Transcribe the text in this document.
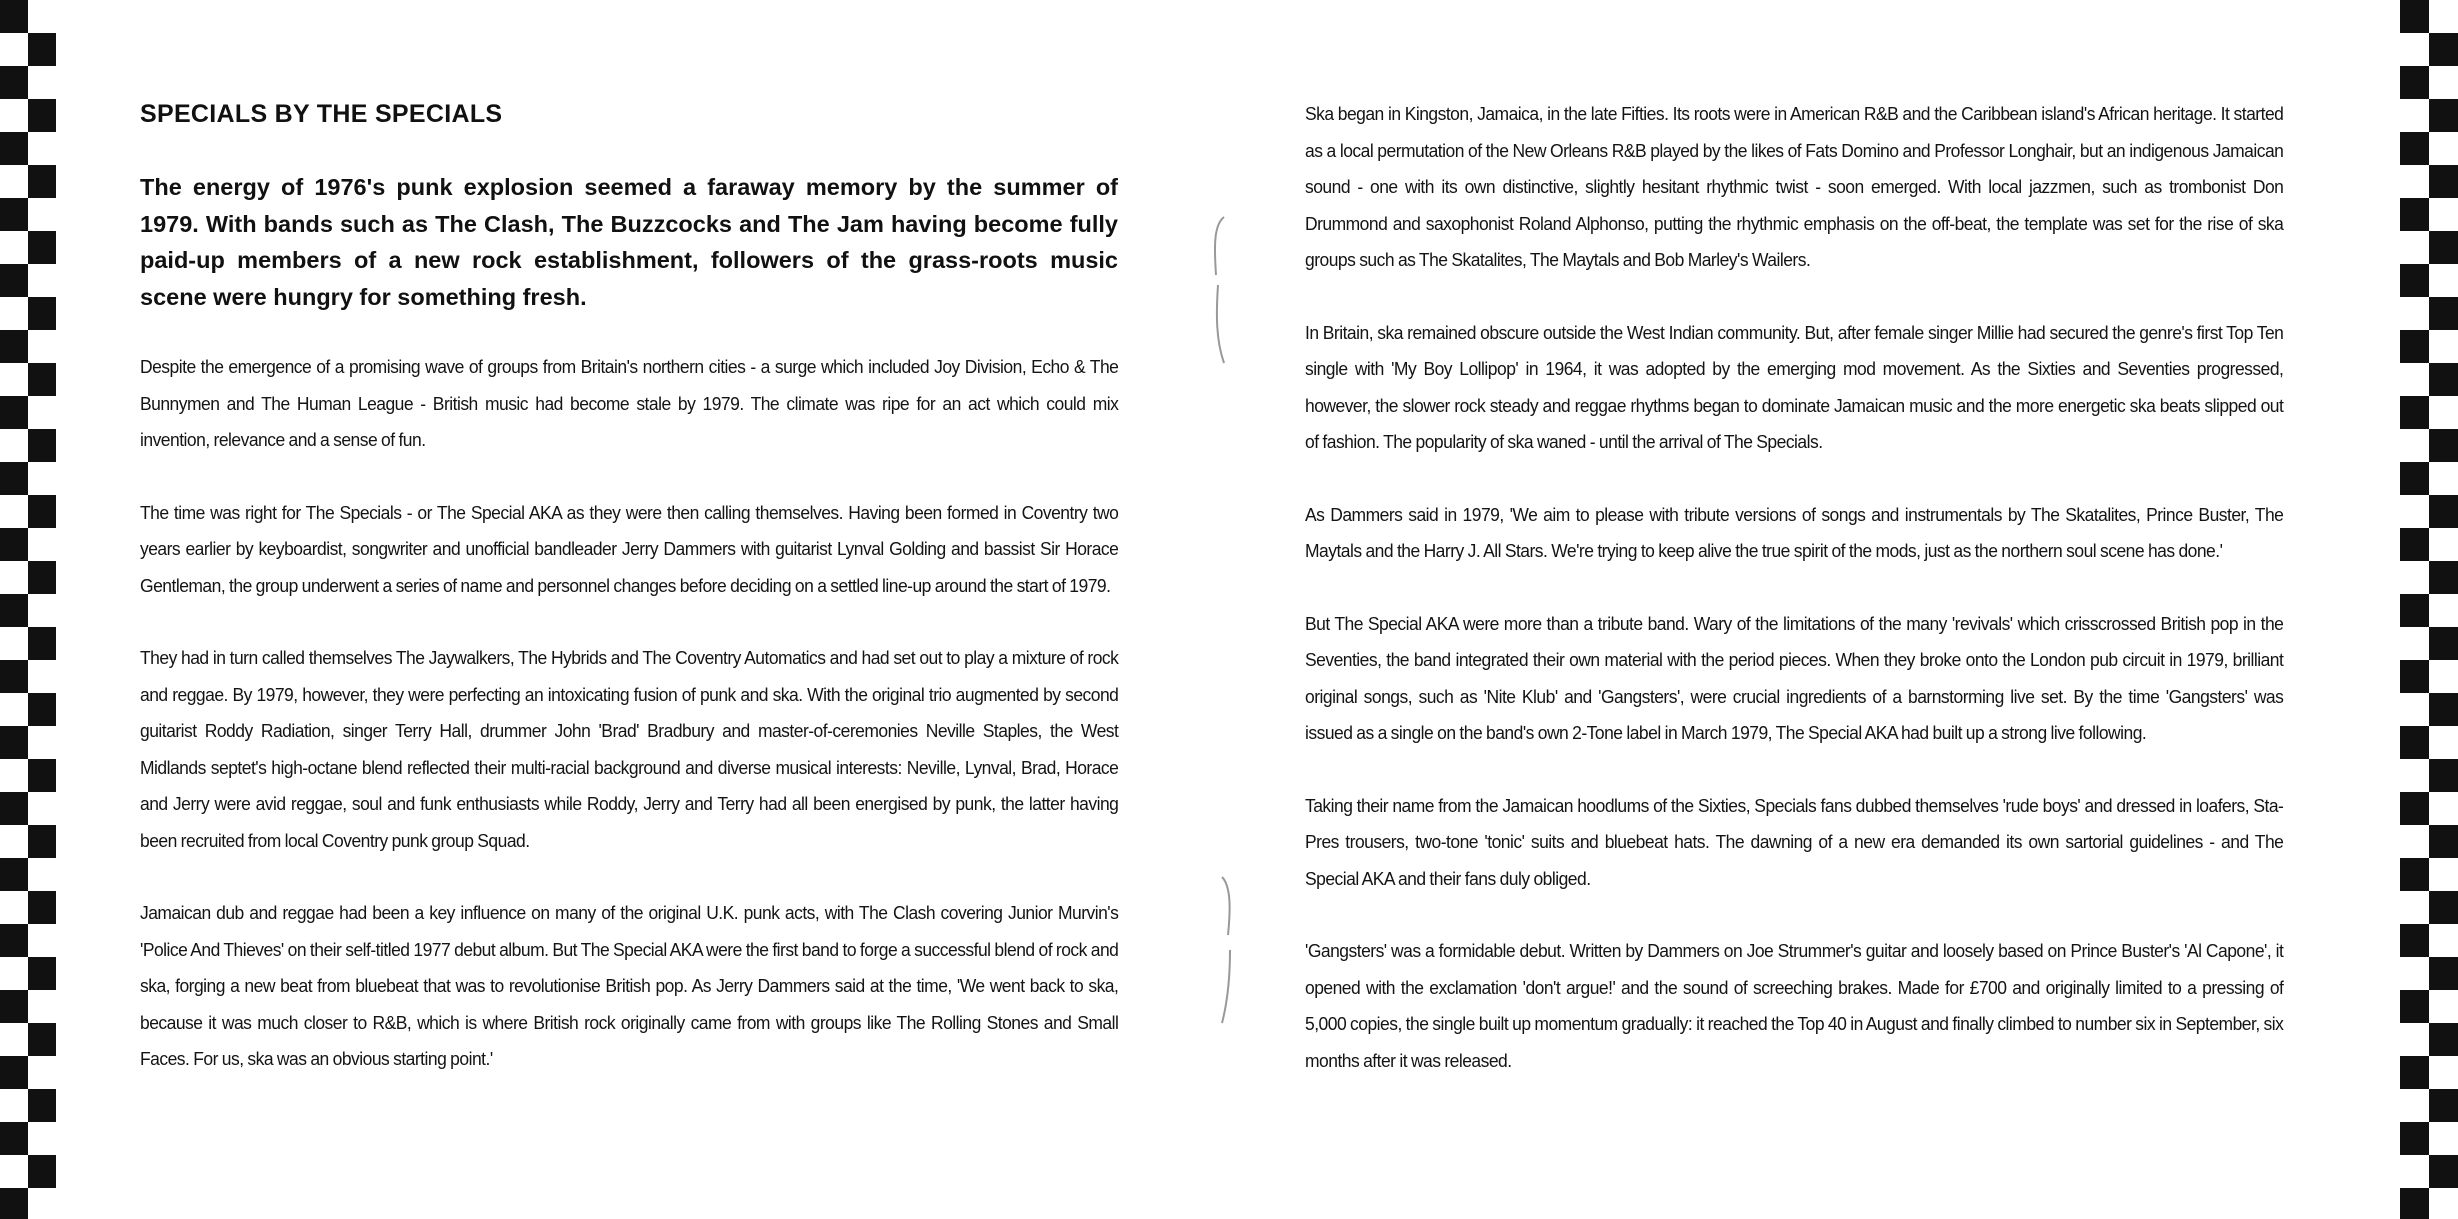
SPECIALS BY THE SPECIALS

The energy of 1976's punk explosion seemed a faraway memory by the summer of 1979. With bands such as The Clash, The Buzzcocks and The Jam having become fully paid-up members of a new rock establishment, followers of the grass-roots music scene were hungry for something fresh.

Despite the emergence of a promising wave of groups from Britain's northern cities - a surge which included Joy Division, Echo & The Bunnymen and The Human League - British music had become stale by 1979. The climate was ripe for an act which could mix invention, relevance and a sense of fun.

The time was right for The Specials - or The Special AKA as they were then calling themselves. Having been formed in Coventry two years earlier by keyboardist, songwriter and unofficial bandleader Jerry Dammers with guitarist Lynval Golding and bassist Sir Horace Gentleman, the group underwent a series of name and personnel changes before deciding on a settled line-up around the start of 1979.

They had in turn called themselves The Jaywalkers, The Hybrids and The Coventry Automatics and had set out to play a mixture of rock and reggae. By 1979, however, they were perfecting an intoxicating fusion of punk and ska. With the original trio augmented by second guitarist Roddy Radiation, singer Terry Hall, drummer John 'Brad' Bradbury and master-of-ceremonies Neville Staples, the West Midlands septet's high-octane blend reflected their multi-racial background and diverse musical interests: Neville, Lynval, Brad, Horace and Jerry were avid reggae, soul and funk enthusiasts while Roddy, Jerry and Terry had all been energised by punk, the latter having been recruited from local Coventry punk group Squad.

Jamaican dub and reggae had been a key influence on many of the original U.K. punk acts, with The Clash covering Junior Murvin's 'Police And Thieves' on their self-titled 1977 debut album. But The Special AKA were the first band to forge a successful blend of rock and ska, forging a new beat from bluebeat that was to revolutionise British pop. As Jerry Dammers said at the time, 'We went back to ska, because it was much closer to R&B, which is where British rock originally came from with groups like The Rolling Stones and Small Faces. For us, ska was an obvious starting point.'

Ska began in Kingston, Jamaica, in the late Fifties. Its roots were in American R&B and the Caribbean island's African heritage. It started as a local permutation of the New Orleans R&B played by the likes of Fats Domino and Professor Longhair, but an indigenous Jamaican sound - one with its own distinctive, slightly hesitant rhythmic twist - soon emerged. With local jazzmen, such as trombonist Don Drummond and saxophonist Roland Alphonso, putting the rhythmic emphasis on the off-beat, the template was set for the rise of ska groups such as The Skatalites, The Maytals and Bob Marley's Wailers.

In Britain, ska remained obscure outside the West Indian community. But, after female singer Millie had secured the genre's first Top Ten single with 'My Boy Lollipop' in 1964, it was adopted by the emerging mod movement. As the Sixties and Seventies progressed, however, the slower rock steady and reggae rhythms began to dominate Jamaican music and the more energetic ska beats slipped out of fashion. The popularity of ska waned - until the arrival of The Specials.

As Dammers said in 1979, 'We aim to please with tribute versions of songs and instrumentals by The Skatalites, Prince Buster, The Maytals and the Harry J. All Stars. We're trying to keep alive the true spirit of the mods, just as the northern soul scene has done.'

But The Special AKA were more than a tribute band. Wary of the limitations of the many 'revivals' which crisscrossed British pop in the Seventies, the band integrated their own material with the period pieces. When they broke onto the London pub circuit in 1979, brilliant original songs, such as 'Nite Klub' and 'Gangsters', were crucial ingredients of a barnstorming live set. By the time 'Gangsters' was issued as a single on the band's own 2-Tone label in March 1979, The Special AKA had built up a strong live following.

Taking their name from the Jamaican hoodlums of the Sixties, Specials fans dubbed themselves 'rude boys' and dressed in loafers, Sta-Pres trousers, two-tone 'tonic' suits and bluebeat hats. The dawning of a new era demanded its own sartorial guidelines - and The Special AKA and their fans duly obliged.

'Gangsters' was a formidable debut. Written by Dammers on Joe Strummer's guitar and loosely based on Prince Buster's 'Al Capone', it opened with the exclamation 'don't argue!' and the sound of screeching brakes. Made for £700 and originally limited to a pressing of 5,000 copies, the single built up momentum gradually: it reached the Top 40 in August and finally climbed to number six in September, six months after it was released.
